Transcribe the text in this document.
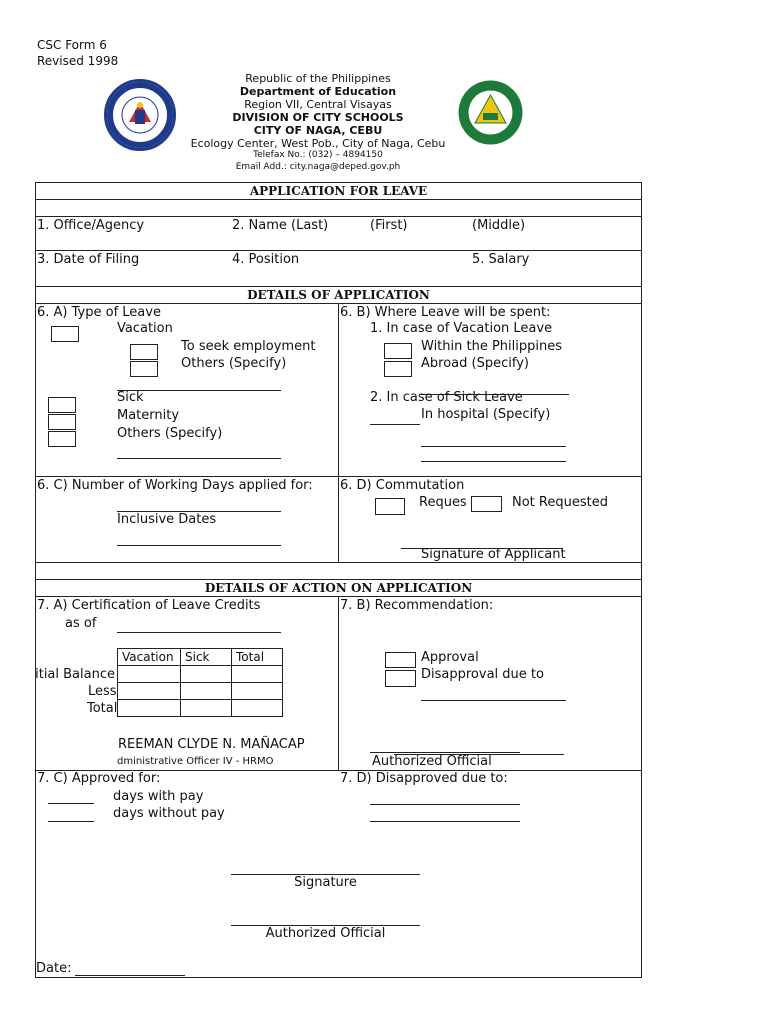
CSC Form 6
Revised 1998
Republic of the Philippines
Department of Education
Region VII, Central Visayas
DIVISION OF CITY SCHOOLS
CITY OF NAGA, CEBU
Ecology Center, West Pob., City of Naga, Cebu
Telefax No.: (032) – 4894150
Email Add.: city.naga@deped.gov.ph
APPLICATION FOR LEAVE
1. Office/Agency	2. Name (Last)	(First)	(Middle)
3. Date of Filing	4. Position	5. Salary
DETAILS OF APPLICATION
6. A) Type of Leave
Vacation
To seek employment
Others (Specify)
Sick
Maternity
Others (Specify)
6. B) Where Leave will be spent:
1. In case of Vacation Leave
Within the Philippines
Abroad (Specify)
2. In case of Sick Leave
In hospital (Specify)
6. C) Number of Working Days applied for:
Inclusive Dates
6. D) Commutation
Reques	Not Requested
Signature of Applicant
DETAILS OF ACTION ON APPLICATION
7. A) Certification of Leave Credits
as of
Vacation	Sick	Total

itial Balance
Less
Total
REEMAN CLYDE N. MAÑACAP
dministrative Officer IV - HRMO
7. B) Recommendation:
Approval
Disapproval due to
Authorized Official
7. C) Approved for:
days with pay
days without pay
7. D) Disapproved due to:
Signature
Authorized Official
Date:
